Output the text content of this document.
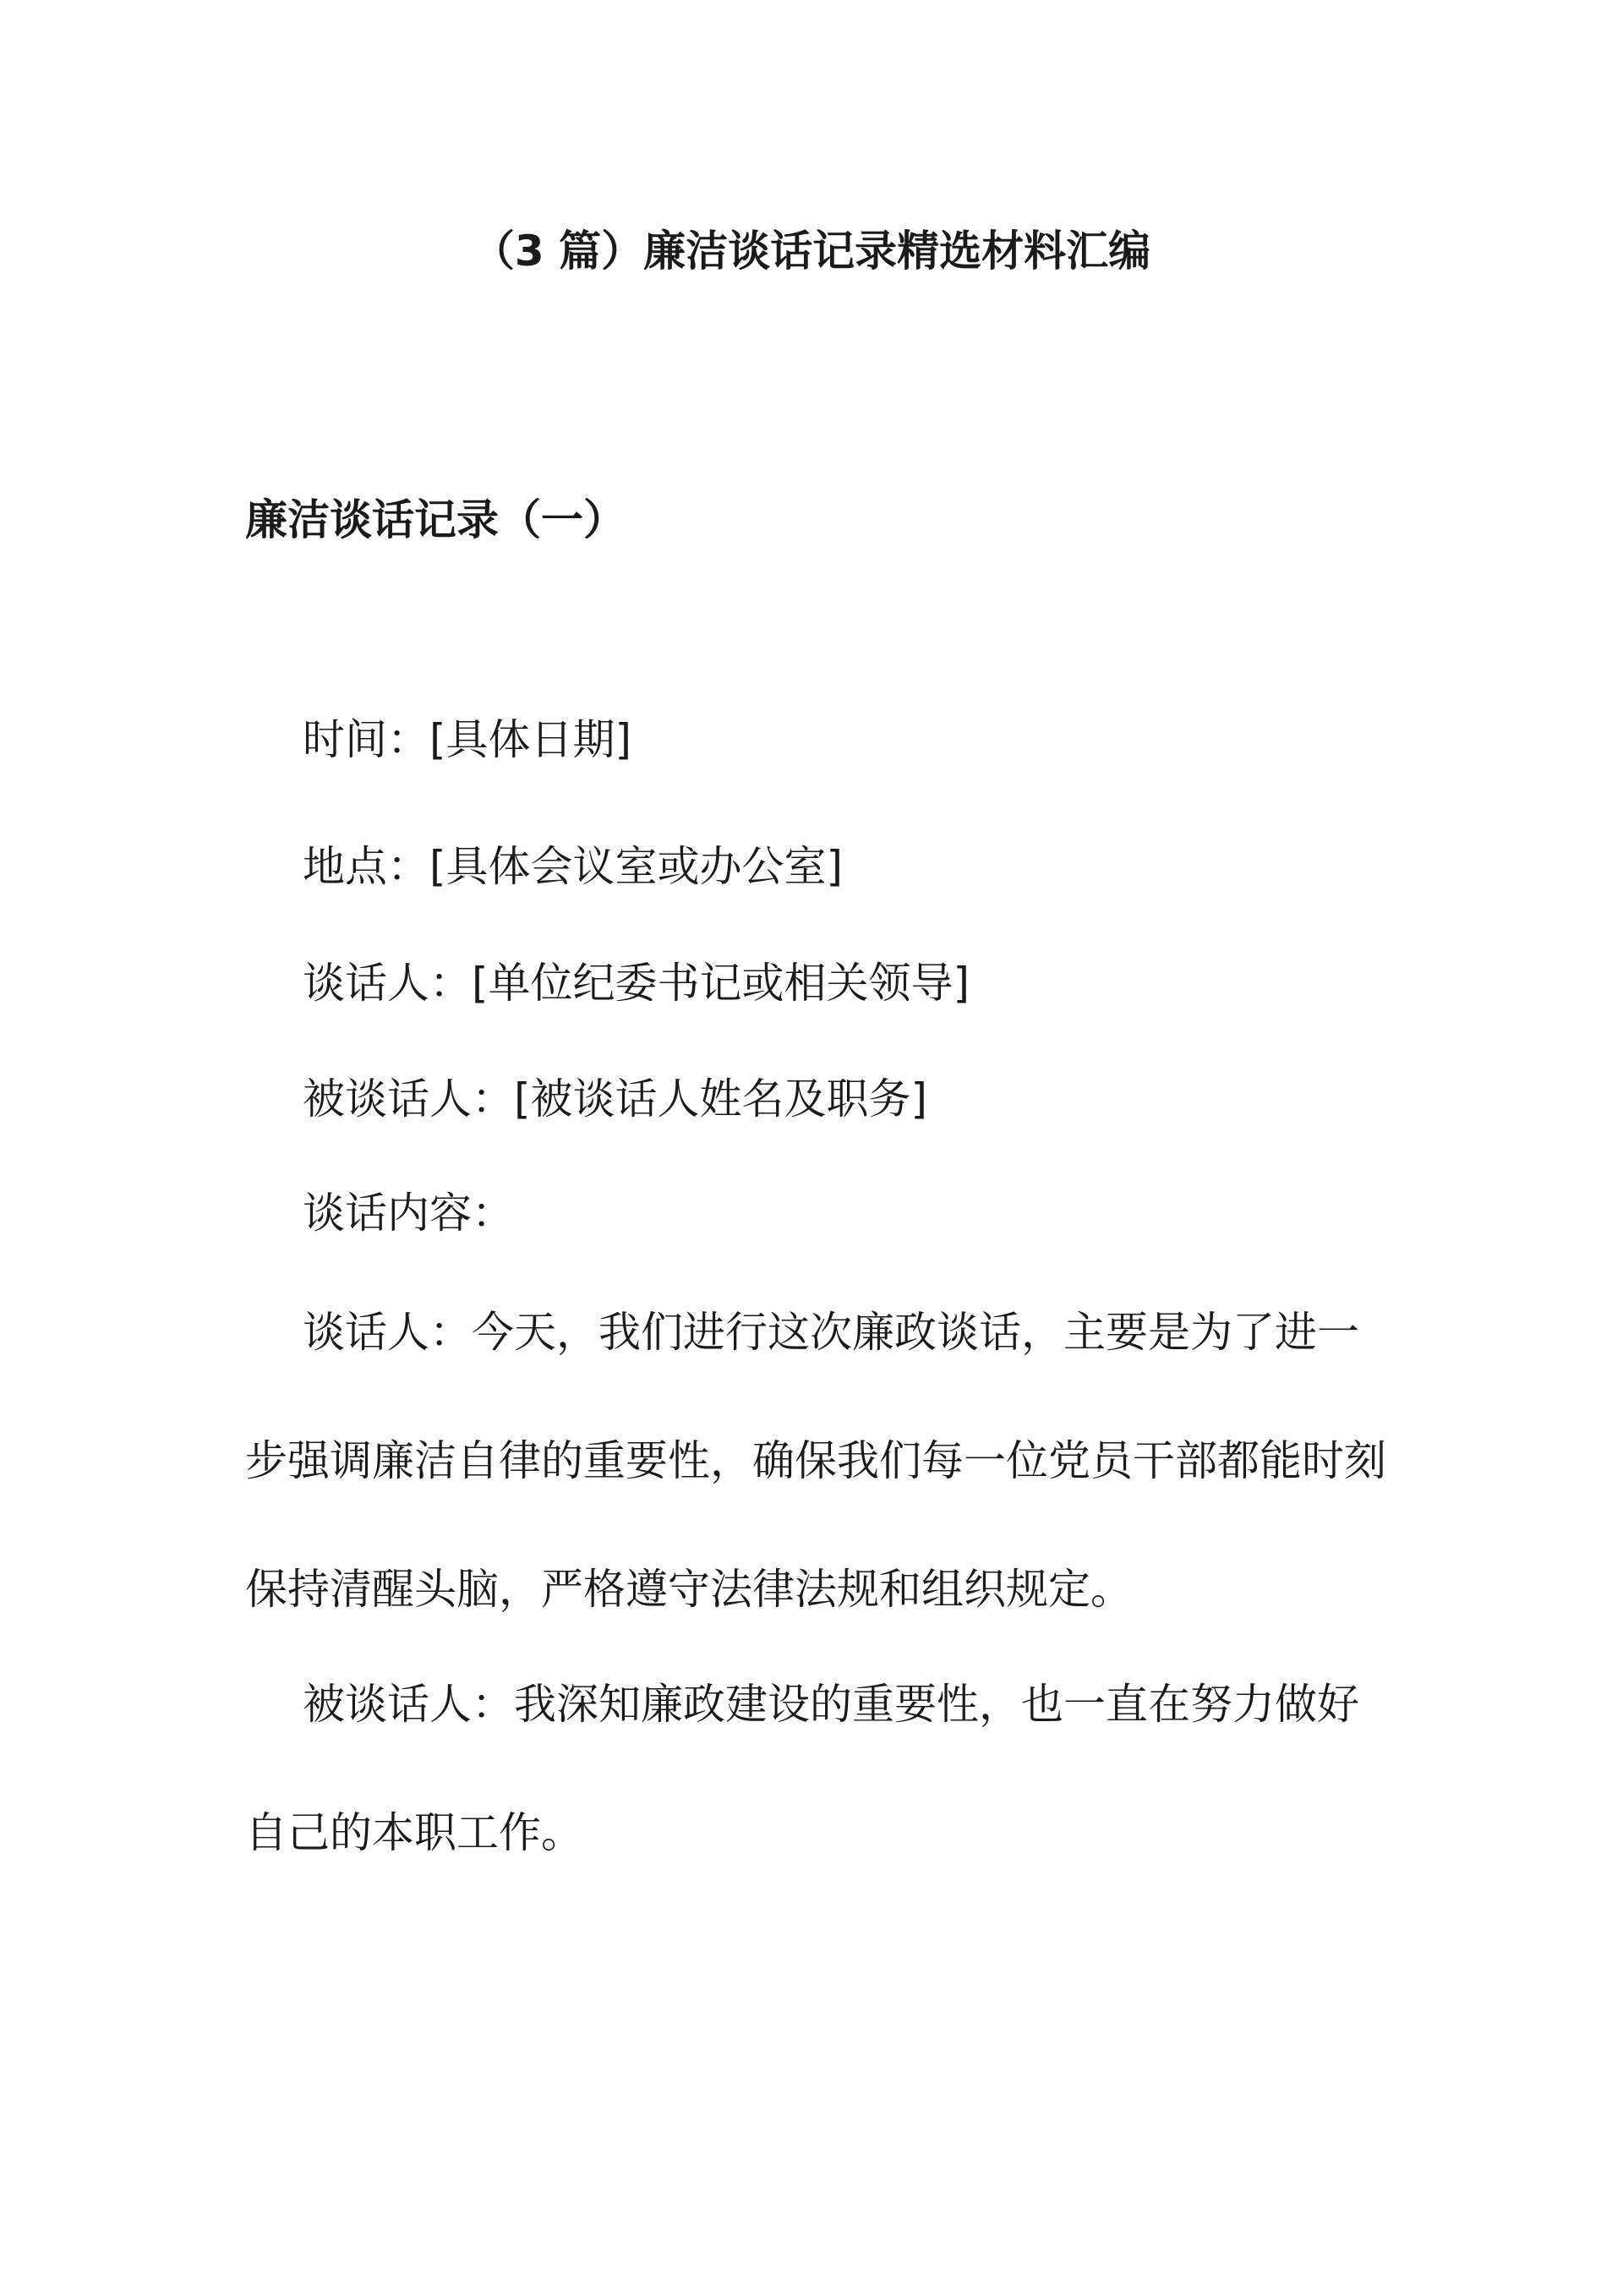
（3 篇）廉洁谈话记录精选材料汇编
廉洁谈话记录（一）
时间：[具体日期]
地点：[具体会议室或办公室]
谈话人：[单位纪委书记或相关领导]
被谈话人：[被谈话人姓名及职务]
谈话内容：

谈话人：今天，我们进行这次廉政谈话，主要是为了进一步强调廉洁自律的重要性，确保我们每一位党员干部都能时刻保持清醒头脑，严格遵守法律法规和组织规定。

被谈话人：我深知廉政建设的重要性，也一直在努力做好自己的本职工作。
